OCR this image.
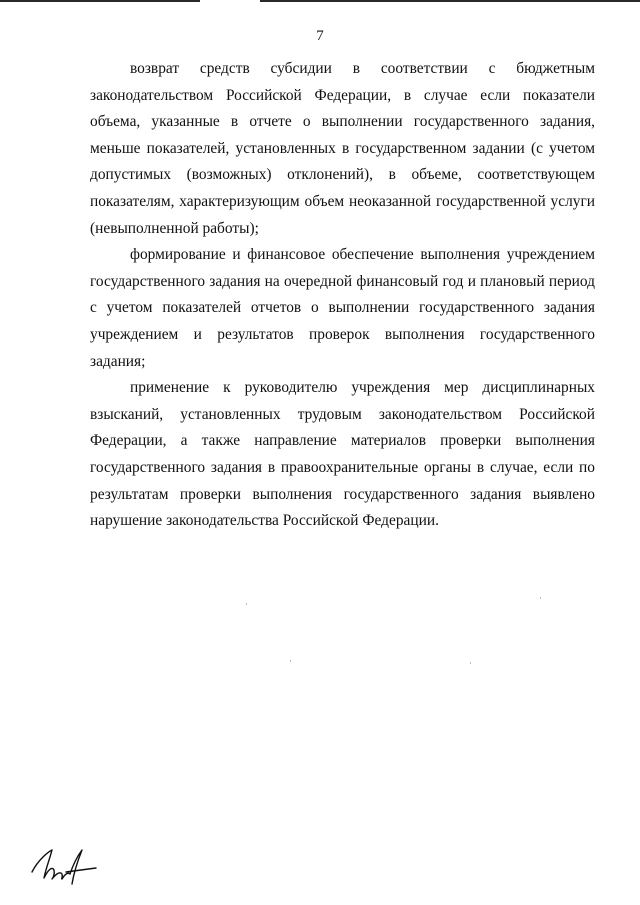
7

возврат средств субсидии в соответствии с бюджетным законодательством Российской Федерации, в случае если показатели объема, указанные в отчете о выполнении государственного задания, меньше показателей, установленных в государственном задании (с учетом допустимых (возможных) отклонений), в объеме, соответствующем показателям, характеризующим объем неоказанной государственной услуги (невыполненной работы);

формирование и финансовое обеспечение выполнения учреждением государственного задания на очередной финансовый год и плановый период с учетом показателей отчетов о выполнении государственного задания учреждением и результатов проверок выполнения государственного задания;

применение к руководителю учреждения мер дисциплинарных взысканий, установленных трудовым законодательством Российской Федерации, а также направление материалов проверки выполнения государственного задания в правоохранительные органы в случае, если по результатам проверки выполнения государственного задания выявлено нарушение законодательства Российской Федерации.
